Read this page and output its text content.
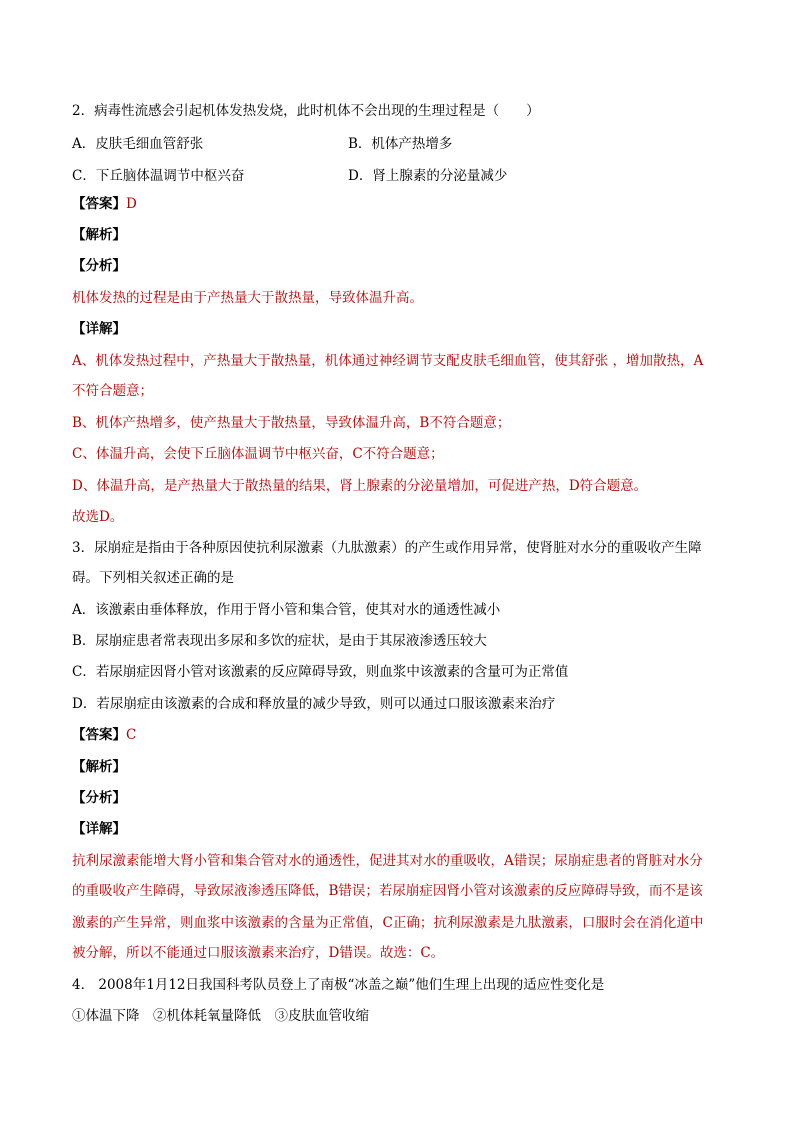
2．病毒性流感会引起机体发热发烧，此时机体不会出现的生理过程是（　　）
A．皮肤毛细血管舒张	B．机体产热增多
C．下丘脑体温调节中枢兴奋	D．肾上腺素的分泌量减少
【答案】D
【解析】
【分析】
机体发热的过程是由于产热量大于散热量，导致体温升高。
【详解】
A、机体发热过程中，产热量大于散热量，机体通过神经调节支配皮肤毛细血管，使其舒张 ，增加散热，A
不符合题意；
B、机体产热增多，使产热量大于散热量，导致体温升高，B不符合题意；
C、体温升高，会使下丘脑体温调节中枢兴奋，C不符合题意；
D、体温升高，是产热量大于散热量的结果，肾上腺素的分泌量增加，可促进产热，D符合题意。
故选D。
3．尿崩症是指由于各种原因使抗利尿激素（九肽激素）的产生或作用异常，使肾脏对水分的重吸收产生障
碍。下列相关叙述正确的是
A．该激素由垂体释放，作用于肾小管和集合管，使其对水的通透性减小
B．尿崩症患者常表现出多尿和多饮的症状，是由于其尿液渗透压较大
C．若尿崩症因肾小管对该激素的反应障碍导致，则血浆中该激素的含量可为正常值
D．若尿崩症由该激素的合成和释放量的减少导致，则可以通过口服该激素来治疗
【答案】C
【解析】
【分析】
【详解】
抗利尿激素能增大肾小管和集合管对水的通透性，促进其对水的重吸收，A错误；尿崩症患者的肾脏对水分
的重吸收产生障碍，导致尿液渗透压降低，B错误；若尿崩症因肾小管对该激素的反应障碍导致，而不是该
激素的产生异常，则血浆中该激素的含量为正常值，C正确；抗利尿激素是九肽激素，口服时会在消化道中
被分解，所以不能通过口服该激素来治疗，D错误。故选：C。
4． 2008年1月12日我国科考队员登上了南极“冰盖之巅”他们生理上出现的适应性变化是
①体温下降　②机体耗氧量降低　③皮肤血管收缩
